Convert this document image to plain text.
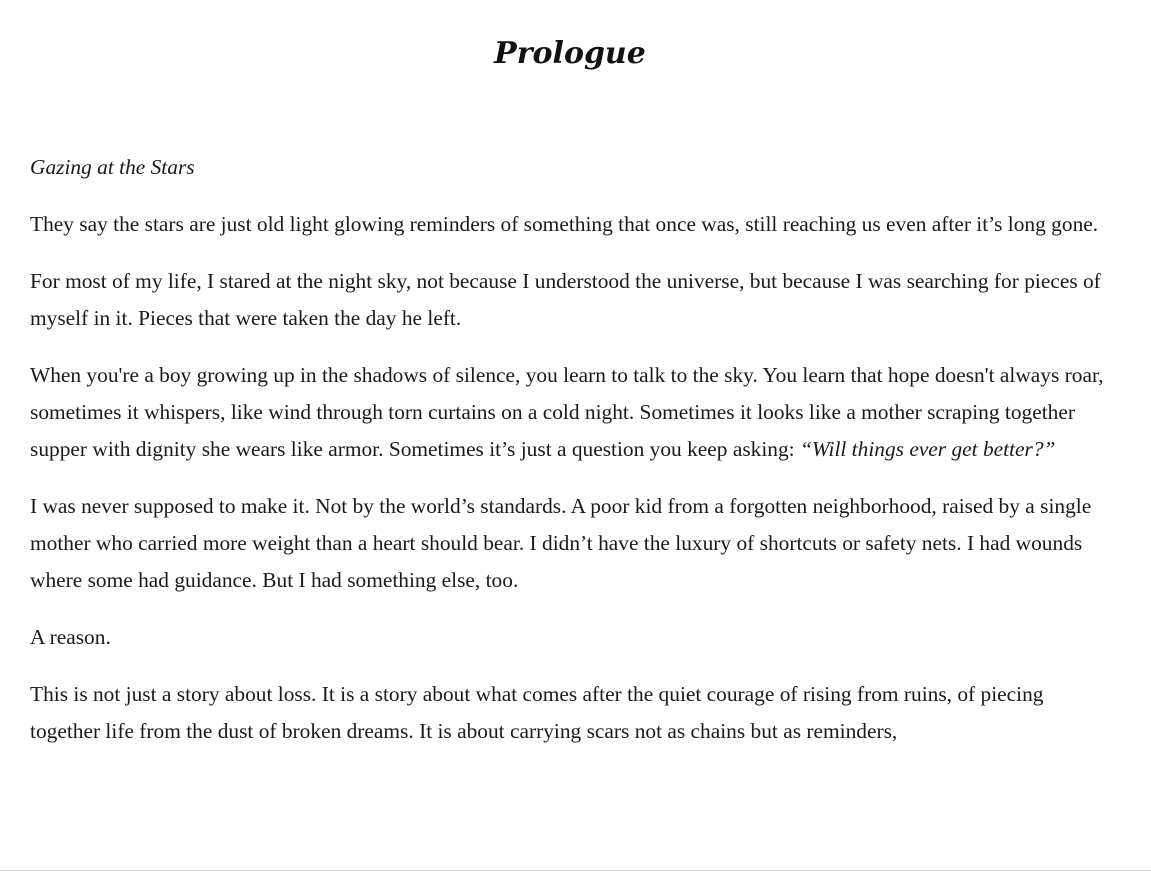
Prologue

Gazing at the Stars

They say the stars are just old light glowing reminders of something that once was, still reaching us even after it’s long gone.

For most of my life, I stared at the night sky, not because I understood the universe, but because I was searching for pieces of myself in it. Pieces that were taken the day he left.

When you're a boy growing up in the shadows of silence, you learn to talk to the sky. You learn that hope doesn't always roar, sometimes it whispers, like wind through torn curtains on a cold night. Sometimes it looks like a mother scraping together supper with dignity she wears like armor. Sometimes it’s just a question you keep asking: “Will things ever get better?”

I was never supposed to make it. Not by the world’s standards. A poor kid from a forgotten neighborhood, raised by a single mother who carried more weight than a heart should bear. I didn’t have the luxury of shortcuts or safety nets. I had wounds where some had guidance. But I had something else, too.

A reason.

This is not just a story about loss. It is a story about what comes after the quiet courage of rising from ruins, of piecing together life from the dust of broken dreams. It is about carrying scars not as chains but as reminders,
